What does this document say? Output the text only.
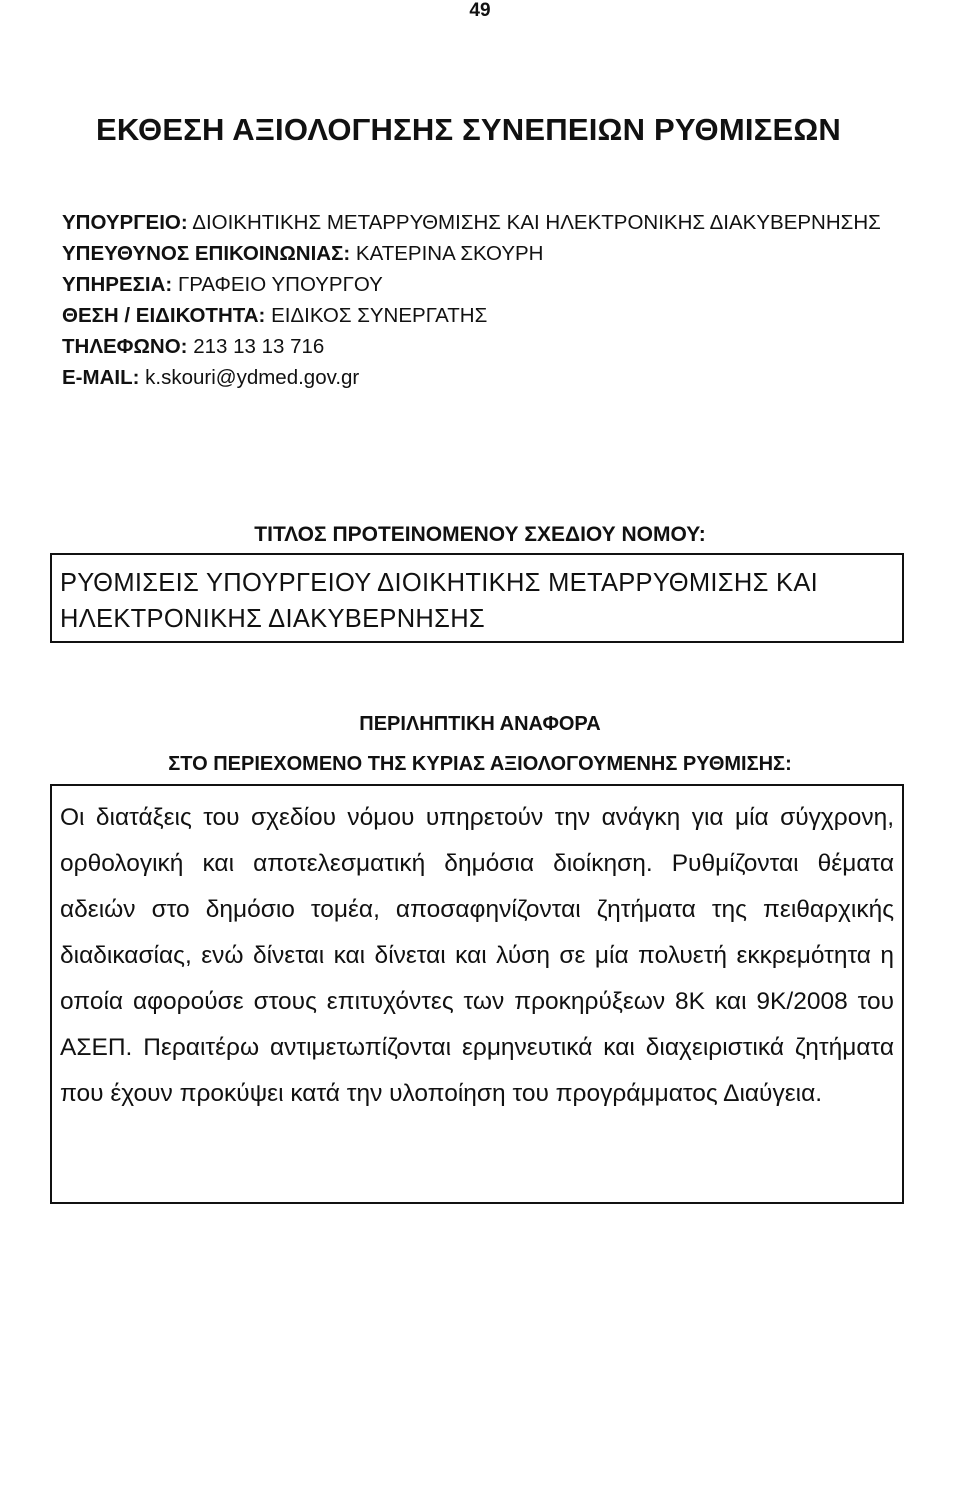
49
ΕΚΘΕΣΗ ΑΞΙΟΛΟΓΗΣΗΣ ΣΥΝΕΠΕΙΩΝ ΡΥΘΜΙΣΕΩΝ

ΥΠΟΥΡΓΕΙΟ: ΔΙΟΙΚΗΤΙΚΗΣ ΜΕΤΑΡΡΥΘΜΙΣΗΣ ΚΑΙ ΗΛΕΚΤΡΟΝΙΚΗΣ ΔΙΑΚΥΒΕΡΝΗΣΗΣ

ΥΠΕΥΘΥΝΟΣ ΕΠΙΚΟΙΝΩΝΙΑΣ: ΚΑΤΕΡΙΝΑ ΣΚΟΥΡΗ

ΥΠΗΡΕΣΙΑ: ΓΡΑΦΕΙΟ ΥΠΟΥΡΓΟΥ

ΘΕΣΗ / ΕΙΔΙΚΟΤΗΤΑ: ΕΙΔΙΚΟΣ ΣΥΝΕΡΓΑΤΗΣ

ΤΗΛΕΦΩΝΟ: 213 13 13 716

E-MAIL: k.skouri@ydmed.gov.gr

ΤΙΤΛΟΣ ΠΡΟΤΕΙΝΟΜΕΝΟΥ ΣΧΕΔΙΟΥ ΝΟΜΟΥ:
ΡΥΘΜΙΣΕΙΣ ΥΠΟΥΡΓΕΙΟΥ ΔΙΟΙΚΗΤΙΚΗΣ ΜΕΤΑΡΡΥΘΜΙΣΗΣ ΚΑΙ ΗΛΕΚΤΡΟΝΙΚΗΣ ΔΙΑΚΥΒΕΡΝΗΣΗΣ
ΠΕΡΙΛΗΠΤΙΚΗ ΑΝΑΦΟΡΑ
ΣΤΟ ΠΕΡΙΕΧΟΜΕΝΟ ΤΗΣ ΚΥΡΙΑΣ ΑΞΙΟΛΟΓΟΥΜΕΝΗΣ ΡΥΘΜΙΣΗΣ:

Οι διατάξεις του σχεδίου νόμου υπηρετούν την ανάγκη για μία σύγχρονη, ορθολογική και αποτελεσματική δημόσια διοίκηση. Ρυθμίζονται θέματα αδειών στο δημόσιο τομέα, αποσαφηνίζονται ζητήματα της πειθαρχικής διαδικασίας, ενώ δίνεται και δίνεται και λύση σε μία πολυετή εκκρεμότητα η οποία αφορούσε στους επιτυχόντες των προκηρύξεων 8Κ και 9Κ/2008 του ΑΣΕΠ. Περαιτέρω αντιμετωπίζονται ερμηνευτικά και διαχειριστικά ζητήματα που έχουν προκύψει κατά την υλοποίηση του προγράμματος Διαύγεια.
